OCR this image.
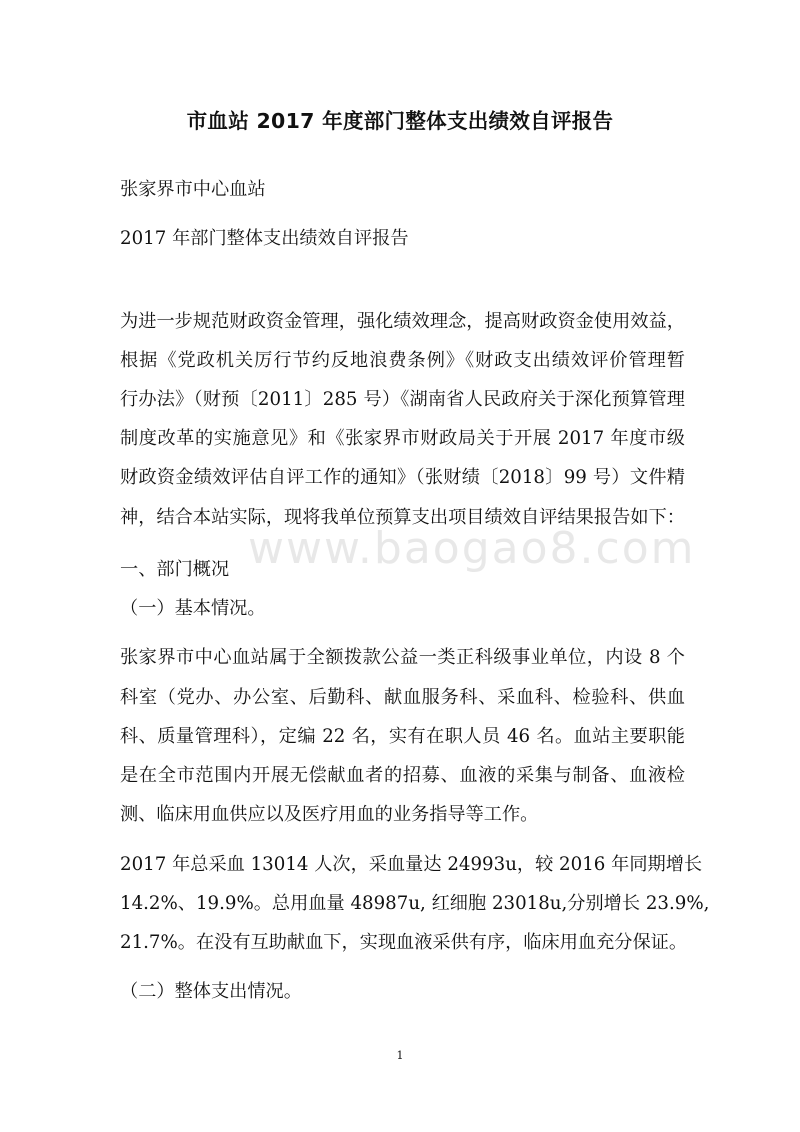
市血站 2017 年度部门整体支出绩效自评报告
张家界市中心血站
2017 年部门整体支出绩效自评报告
为进一步规范财政资金管理，强化绩效理念，提高财政资金使用效益，
根据《党政机关厉行节约反地浪费条例》《财政支出绩效评价管理暂
行办法》（财预〔2011〕285 号）《湖南省人民政府关于深化预算管理
制度改革的实施意见》和《张家界市财政局关于开展 2017 年度市级
财政资金绩效评估自评工作的通知》（张财绩〔2018〕99 号）文件精
神，结合本站实际，现将我单位预算支出项目绩效自评结果报告如下：
一、部门概况
（一）基本情况。
张家界市中心血站属于全额拨款公益一类正科级事业单位，内设 8 个
科室（党办、办公室、后勤科、献血服务科、采血科、检验科、供血
科、质量管理科），定编 22 名，实有在职人员 46 名。血站主要职能
是在全市范围内开展无偿献血者的招募、血液的采集与制备、血液检
测、临床用血供应以及医疗用血的业务指导等工作。
2017 年总采血 13014 人次，采血量达 24993u，较 2016 年同期增长
14.2%、19.9%。总用血量 48987u, 红细胞 23018u,分别增长 23.9%,
21.7%。在没有互助献血下，实现血液采供有序，临床用血充分保证。
（二）整体支出情况。
www.baogao8.com
1
